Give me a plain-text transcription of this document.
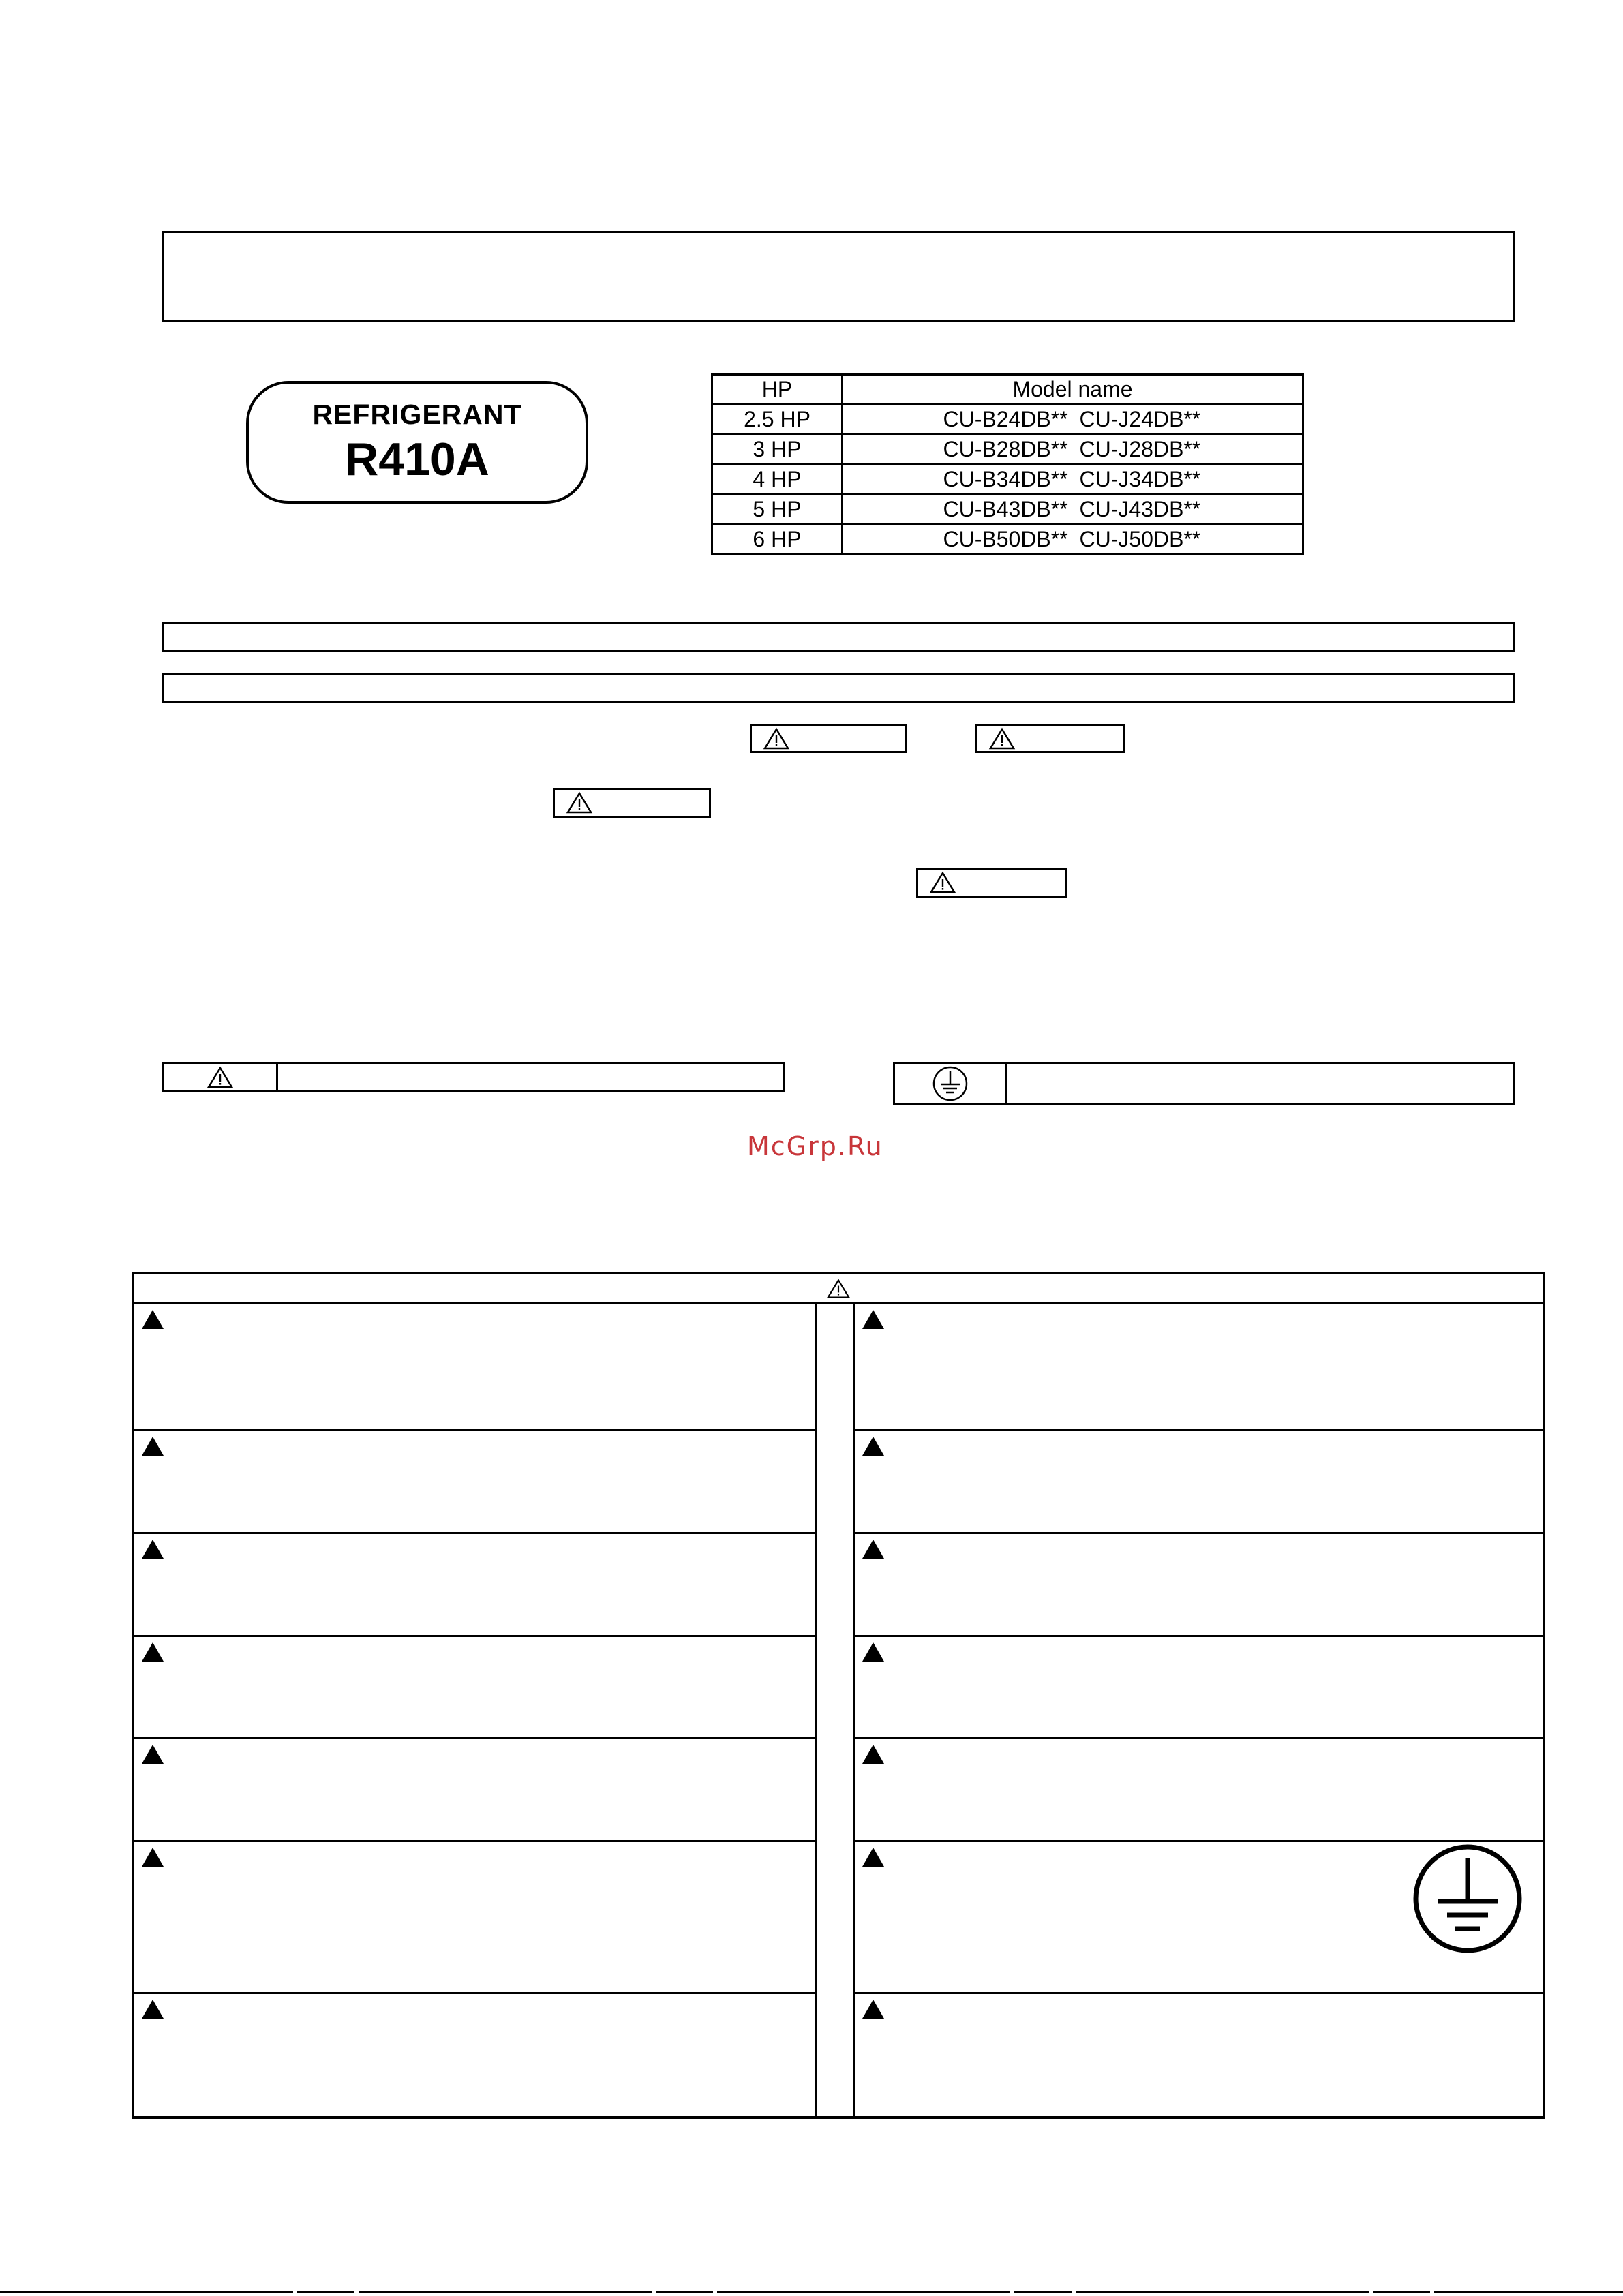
REFRIGERANT
R410A
HP	Model name
2.5 HP	CU-B24DB** CU-J24DB**
3 HP	CU-B28DB** CU-J28DB**
4 HP	CU-B34DB** CU-J34DB**
5 HP	CU-B43DB** CU-J43DB**
6 HP	CU-B50DB** CU-J50DB**
McGrp.Ru
